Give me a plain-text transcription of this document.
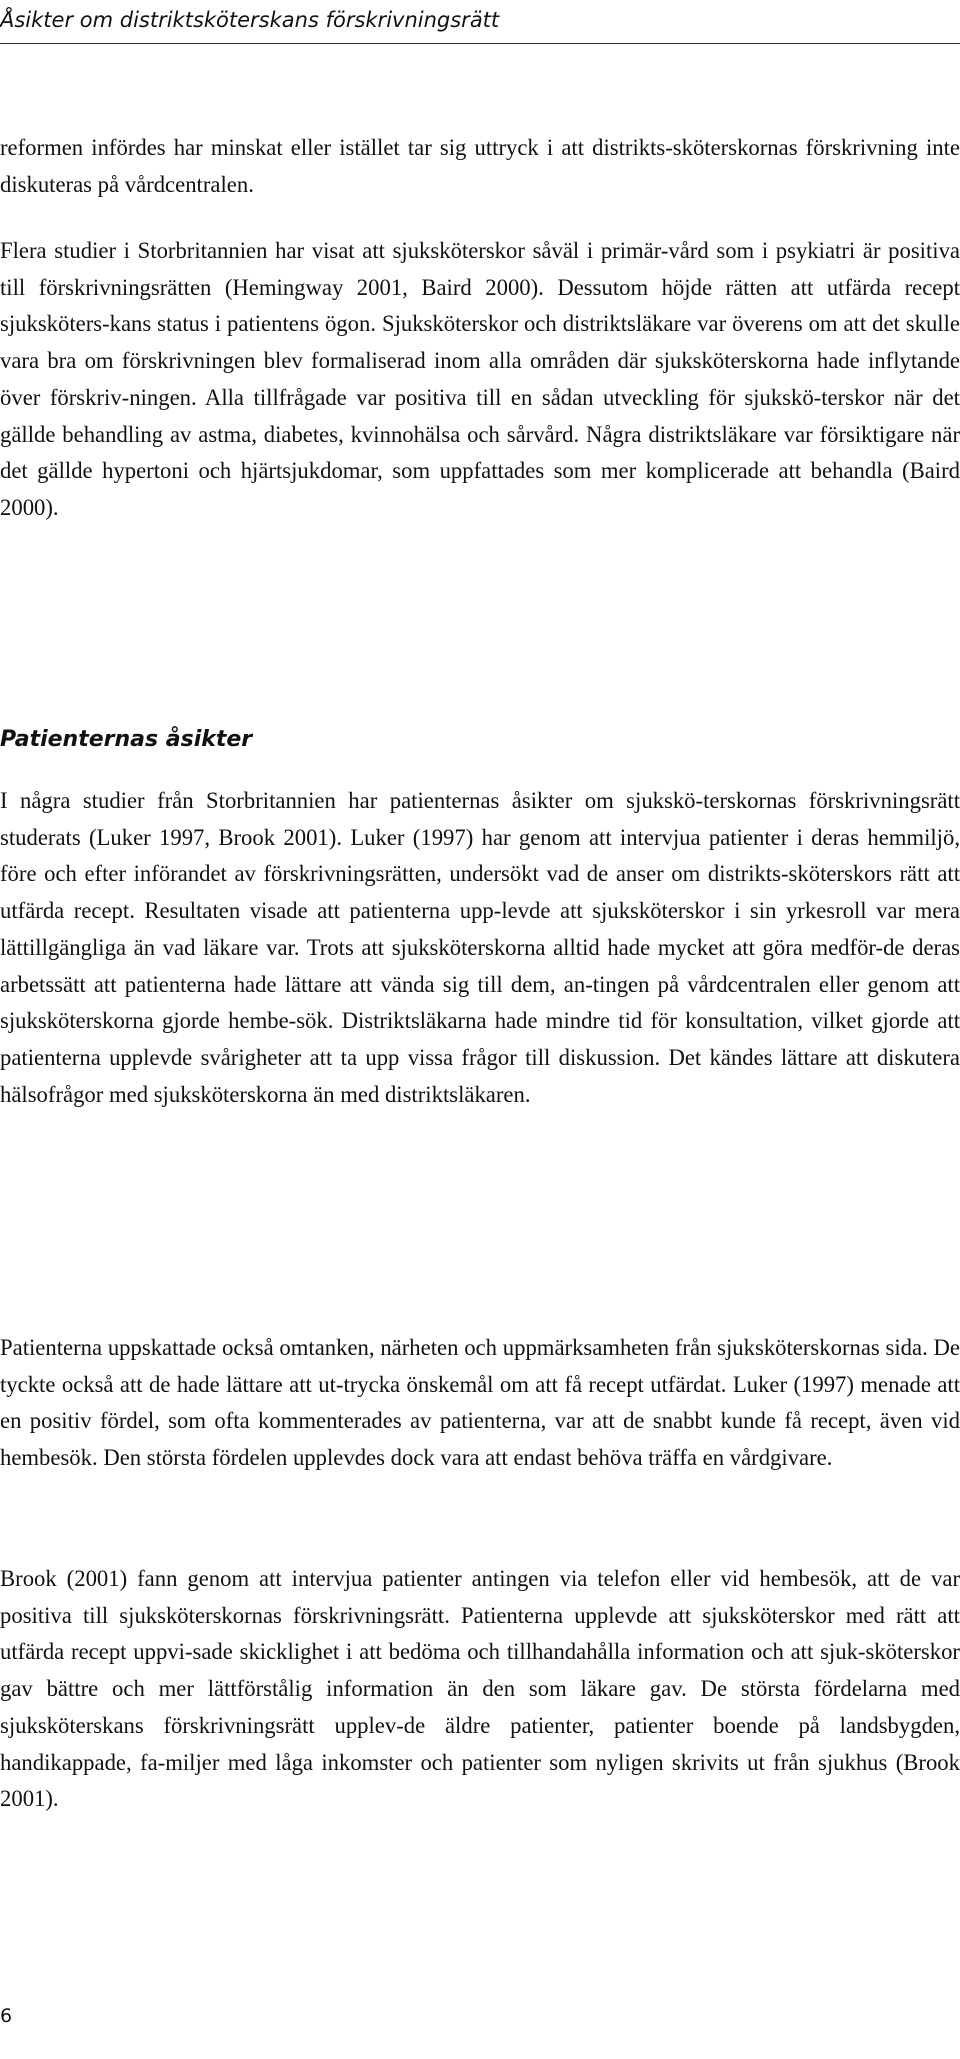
Åsikter om distriktsköterskans förskrivningsrätt

reformen infördes har minskat eller istället tar sig uttryck i att distrikts-sköterskornas förskrivning inte diskuteras på vårdcentralen.

Flera studier i Storbritannien har visat att sjuksköterskor såväl i primär-vård som i psykiatri är positiva till förskrivningsrätten (Hemingway 2001, Baird 2000). Dessutom höjde rätten att utfärda recept sjuksköters-kans status i patientens ögon. Sjuksköterskor och distriktsläkare var överens om att det skulle vara bra om förskrivningen blev formaliserad inom alla områden där sjuksköterskorna hade inflytande över förskriv-ningen. Alla tillfrågade var positiva till en sådan utveckling för sjukskö-terskor när det gällde behandling av astma, diabetes, kvinnohälsa och sårvård. Några distriktsläkare var försiktigare när det gällde hypertoni och hjärtsjukdomar, som uppfattades som mer komplicerade att behandla (Baird 2000).

Patienternas åsikter

I några studier från Storbritannien har patienternas åsikter om sjukskö-terskornas förskrivningsrätt studerats (Luker 1997, Brook 2001). Luker (1997) har genom att intervjua patienter i deras hemmiljö, före och efter införandet av förskrivningsrätten, undersökt vad de anser om distrikts-sköterskors rätt att utfärda recept. Resultaten visade att patienterna upp-levde att sjuksköterskor i sin yrkesroll var mera lättillgängliga än vad läkare var. Trots att sjuksköterskorna alltid hade mycket att göra medför-de deras arbetssätt att patienterna hade lättare att vända sig till dem, an-tingen på vårdcentralen eller genom att sjuksköterskorna gjorde hembe-sök. Distriktsläkarna hade mindre tid för konsultation, vilket gjorde att patienterna upplevde svårigheter att ta upp vissa frågor till diskussion. Det kändes lättare att diskutera hälsofrågor med sjuksköterskorna än med distriktsläkaren.

Patienterna uppskattade också omtanken, närheten och uppmärksamheten från sjuksköterskornas sida. De tyckte också att de hade lättare att ut-trycka önskemål om att få recept utfärdat. Luker (1997) menade att en positiv fördel, som ofta kommenterades av patienterna, var att de snabbt kunde få recept, även vid hembesök. Den största fördelen upplevdes dock vara att endast behöva träffa en vårdgivare.

Brook (2001) fann genom att intervjua patienter antingen via telefon eller vid hembesök, att de var positiva till sjuksköterskornas förskrivningsrätt. Patienterna upplevde att sjuksköterskor med rätt att utfärda recept uppvi-sade skicklighet i att bedöma och tillhandahålla information och att sjuk-sköterskor gav bättre och mer lättförstålig information än den som läkare gav. De största fördelarna med sjuksköterskans förskrivningsrätt upplev-de äldre patienter, patienter boende på landsbygden, handikappade, fa-miljer med låga inkomster och patienter som nyligen skrivits ut från sjukhus (Brook 2001).

6
